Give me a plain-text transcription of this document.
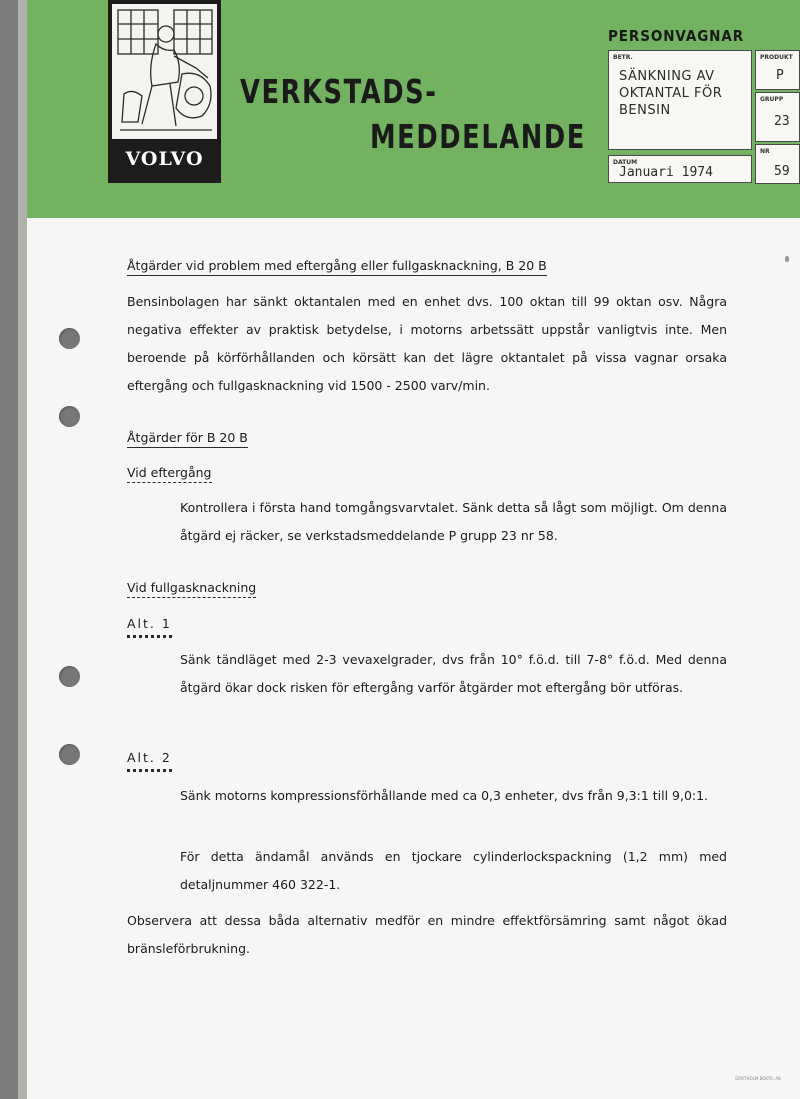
VOLVO
VERKSTADS-
MEDDELANDE
PERSONVAGNAR
BETR.
SÄNKNING AV
OKTANTAL FÖR
BENSIN
DATUM
Januari 1974
PRODUKT
P
GRUPP
23
NR
59
Åtgärder vid problem med eftergång eller fullgasknackning, B 20 B
Bensinbolagen har sänkt oktantalen med en enhet dvs. 100 oktan till 99 oktan osv. Några negativa effekter av praktisk betydelse, i motorns arbetssätt uppstår vanligtvis inte. Men beroende på körförhållanden och körsätt kan det lägre oktantalet på vissa vagnar orsaka eftergång och fullgasknackning vid 1500 - 2500 varv/min.
Åtgärder för B 20 B
Vid eftergång
Kontrollera i första hand tomgångsvarvtalet. Sänk detta så lågt som möjligt. Om denna åtgärd ej räcker, se verkstadsmeddelande P grupp 23 nr 58.
Vid fullgasknackning
Alt. 1
Sänk tändläget med 2-3 vevaxelgrader, dvs från 10° f.ö.d. till 7-8° f.ö.d. Med denna åtgärd ökar dock risken för eftergång varför åtgärder mot eftergång bör utföras.
Alt. 2
Sänk motorns kompressionsförhållande med ca 0,3 enheter, dvs från 9,3:1 till 9,0:1.
För detta ändamål används en tjockare cylinderlockspackning (1,2 mm) med detaljnummer 460 322-1.
Observera att dessa båda alternativ medför en mindre effektförsämring samt något ökad bränsleförbrukning.
GROTHOLM BOKTR. AB
